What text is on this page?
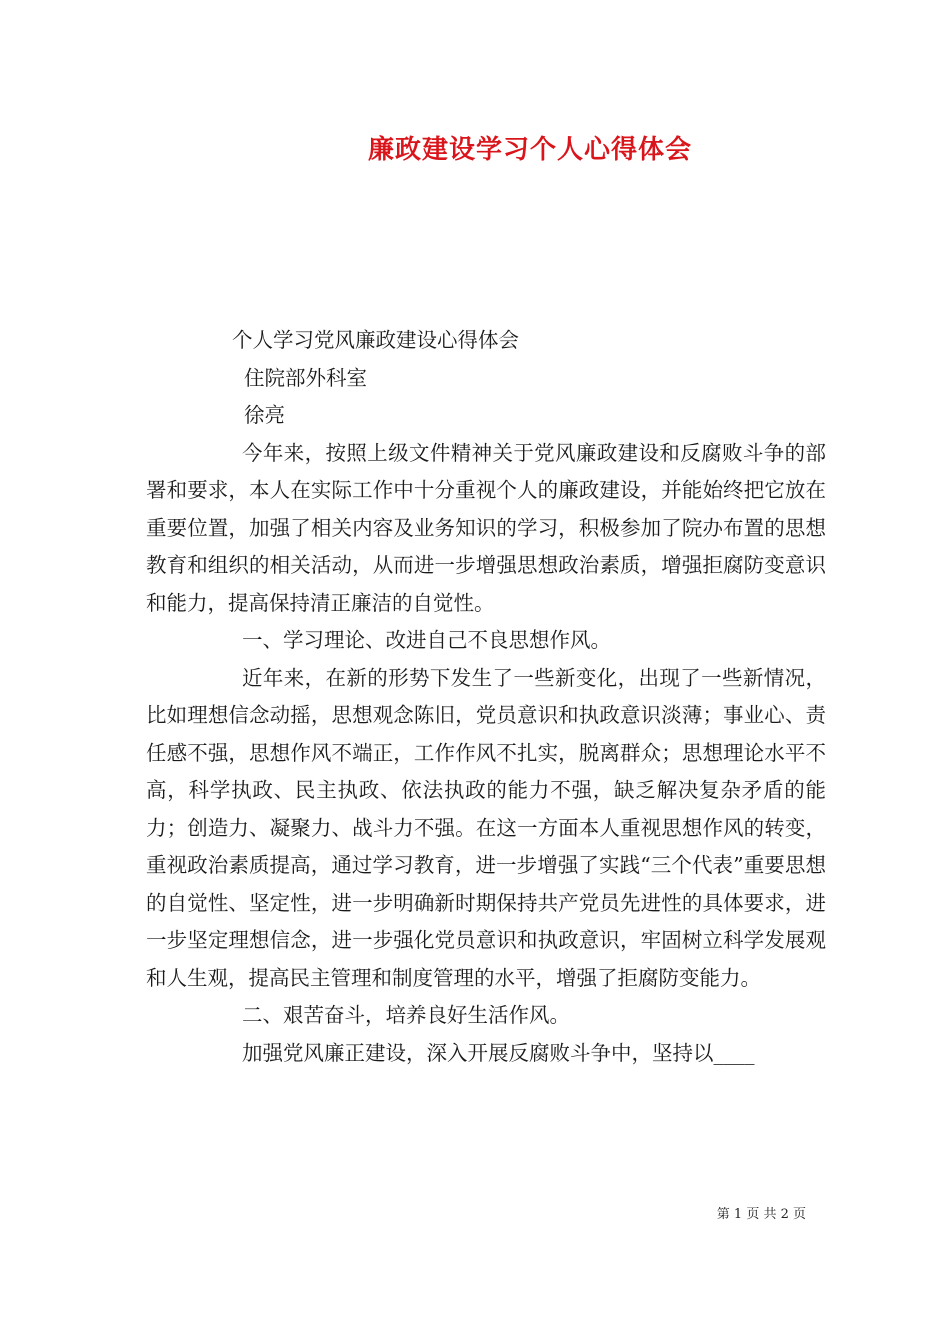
廉政建设学习个人心得体会
个人学习党风廉政建设心得体会
住院部外科室
徐亮

今年来，按照上级文件精神关于党风廉政建设和反腐败斗争的部署和要求，本人在实际工作中十分重视个人的廉政建设，并能始终把它放在重要位置，加强了相关内容及业务知识的学习，积极参加了院办布置的思想教育和组织的相关活动，从而进一步增强思想政治素质，增强拒腐防变意识和能力，提高保持清正廉洁的自觉性。

一、学习理论、改进自己不良思想作风。

近年来，在新的形势下发生了一些新变化，出现了一些新情况，比如理想信念动摇，思想观念陈旧，党员意识和执政意识淡薄；事业心、责任感不强，思想作风不端正，工作作风不扎实，脱离群众；思想理论水平不高，科学执政、民主执政、依法执政的能力不强，缺乏解决复杂矛盾的能力；创造力、凝聚力、战斗力不强。在这一方面本人重视思想作风的转变，重视政治素质提高，通过学习教育，进一步增强了实践“三个代表”重要思想的自觉性、坚定性，进一步明确新时期保持共产党员先进性的具体要求，进一步坚定理想信念，进一步强化党员意识和执政意识，牢固树立科学发展观和人生观，提高民主管理和制度管理的水平，增强了拒腐防变能力。

二、艰苦奋斗，培养良好生活作风。

加强党风廉正建设，深入开展反腐败斗争中，坚持以____

第 1 页 共 2 页
